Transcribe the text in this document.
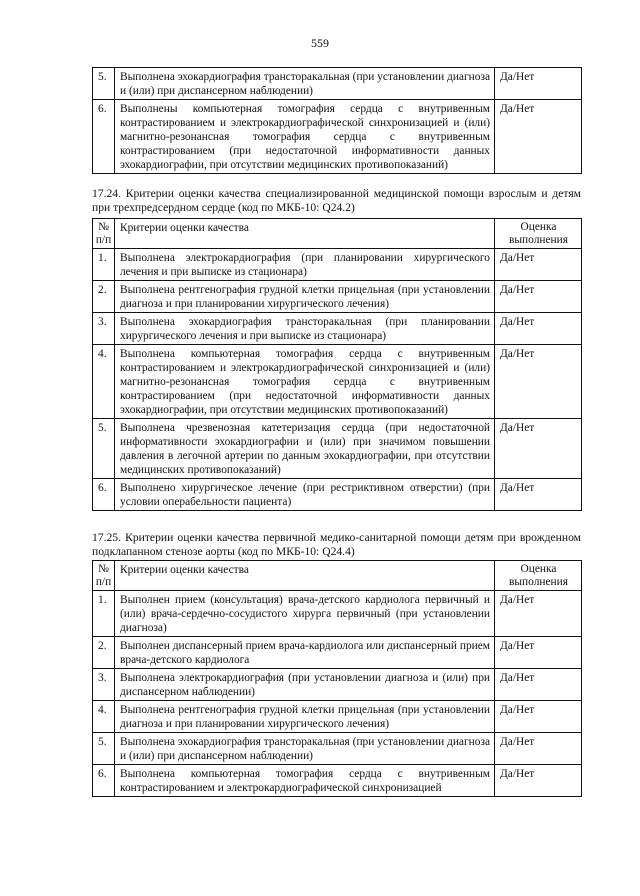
559
5.	Выполнена эхокардиография трансторакальная (при установлении диагноза и (или) при диспансерном наблюдении)	Да/Нет
6.	Выполнены компьютерная томография сердца с внутривенным контрастированием и электрокардиографической синхронизацией и (или) магнитно-резонансная томография сердца с внутривенным контрастированием (при недостаточной информативности данных эхокардиографии, при отсутствии медицинских противопоказаний)	Да/Нет
17.24. Критерии оценки качества специализированной медицинской помощи взрослым и детям при трехпредсердном сердце (код по МКБ-10: Q24.2)
№ п/п	Критерии оценки качества	Оценка выполнения
1.	Выполнена электрокардиография (при планировании хирургического лечения и при выписке из стационара)	Да/Нет
2.	Выполнена рентгенография грудной клетки прицельная (при установлении диагноза и при планировании хирургического лечения)	Да/Нет
3.	Выполнена эхокардиография трансторакальная (при планировании хирургического лечения и при выписке из стационара)	Да/Нет
4.	Выполнена компьютерная томография сердца с внутривенным контрастированием и электрокардиографической синхронизацией и (или) магнитно-резонансная томография сердца с внутривенным контрастированием (при недостаточной информативности данных эхокардиографии, при отсутствии медицинских противопоказаний)	Да/Нет
5.	Выполнена чрезвенозная катетеризация сердца (при недостаточной информативности эхокардиографии и (или) при значимом повышении давления в легочной артерии по данным эхокардиографии, при отсутствии медицинских противопоказаний)	Да/Нет
6.	Выполнено хирургическое лечение (при рестриктивном отверстии) (при условии операбельности пациента)	Да/Нет
17.25. Критерии оценки качества первичной медико-санитарной помощи детям при врожденном подклапанном стенозе аорты (код по МКБ-10: Q24.4)
№ п/п	Критерии оценки качества	Оценка выполнения
1.	Выполнен прием (консультация) врача-детского кардиолога первичный и (или) врача-сердечно-сосудистого хирурга первичный (при установлении диагноза)	Да/Нет
2.	Выполнен диспансерный прием врача-кардиолога или диспансерный прием врача-детского кардиолога	Да/Нет
3.	Выполнена электрокардиография (при установлении диагноза и (или) при диспансерном наблюдении)	Да/Нет
4.	Выполнена рентгенография грудной клетки прицельная (при установлении диагноза и при планировании хирургического лечения)	Да/Нет
5.	Выполнена эхокардиография трансторакальная (при установлении диагноза и (или) при диспансерном наблюдении)	Да/Нет
6.	Выполнена компьютерная томография сердца с внутривенным контрастированием и электрокардиографической синхронизацией	Да/Нет
